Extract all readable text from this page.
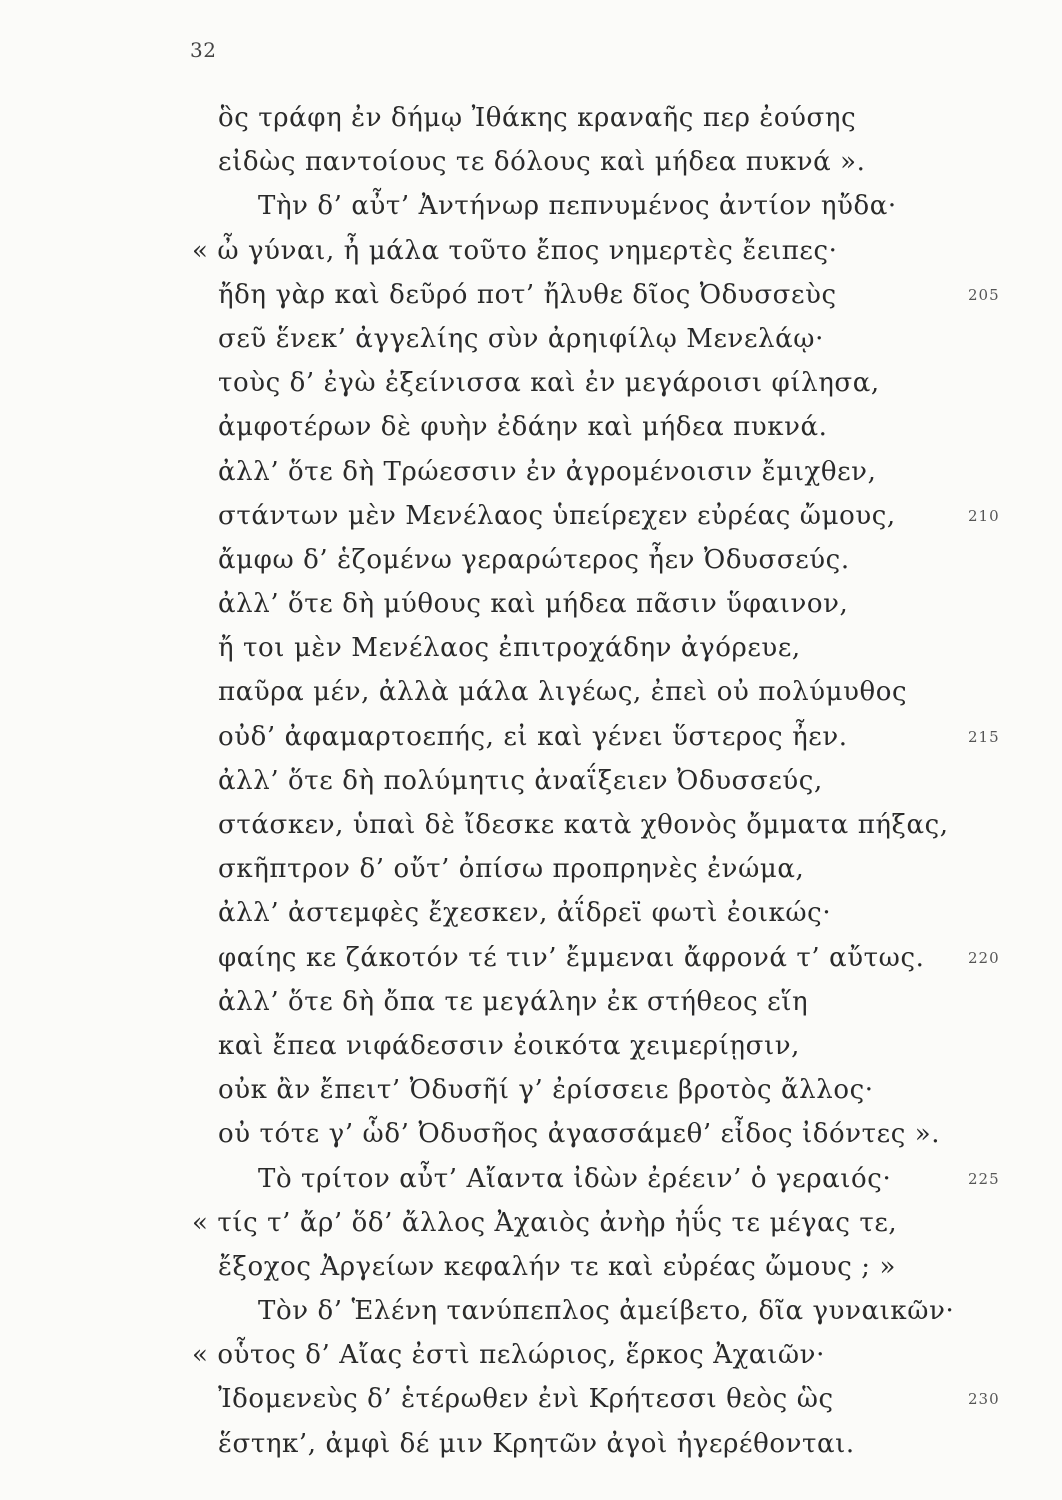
32
ὃς τράφη ἐν δήμῳ Ἰθάκης κραναῆς περ ἐούσης
εἰδὼς παντοίους τε δόλους καὶ μήδεα πυκνά ».
Τὴν δ’ αὖτ’ Ἀντήνωρ πεπνυμένος ἀντίον ηὔδα·
« ὦ γύναι, ἦ μάλα τοῦτο ἔπος νημερτὲς ἔειπες·
ἤδη γὰρ καὶ δεῦρό ποτ’ ἤλυθε δῖος Ὀδυσσεὺς	205
σεῦ ἕνεκ’ ἀγγελίης σὺν ἀρηιφίλῳ Μενελάῳ·
τοὺς δ’ ἐγὼ ἐξείνισσα καὶ ἐν μεγάροισι φίλησα,
ἀμφοτέρων δὲ φυὴν ἐδάην καὶ μήδεα πυκνά.
ἀλλ’ ὅτε δὴ Τρώεσσιν ἐν ἀγρομένοισιν ἔμιχθεν,
στάντων μὲν Μενέλαος ὑπείρεχεν εὐρέας ὤμους,	210
ἄμφω δ’ ἑζομένω γεραρώτερος ἦεν Ὀδυσσεύς.
ἀλλ’ ὅτε δὴ μύθους καὶ μήδεα πᾶσιν ὕφαινον,
ἤ τοι μὲν Μενέλαος ἐπιτροχάδην ἀγόρευε,
παῦρα μέν, ἀλλὰ μάλα λιγέως, ἐπεὶ οὐ πολύμυθος
οὐδ’ ἀφαμαρτοεπής, εἰ καὶ γένει ὕστερος ἦεν.	215
ἀλλ’ ὅτε δὴ πολύμητις ἀναΐξειεν Ὀδυσσεύς,
στάσκεν, ὑπαὶ δὲ ἴδεσκε κατὰ χθονὸς ὄμματα πήξας,
σκῆπτρον δ’ οὔτ’ ὀπίσω προπρηνὲς ἐνώμα,
ἀλλ’ ἀστεμφὲς ἔχεσκεν, ἀΐδρεϊ φωτὶ ἐοικώς·
φαίης κε ζάκοτόν τέ τιν’ ἔμμεναι ἄφρονά τ’ αὔτως.	220
ἀλλ’ ὅτε δὴ ὄπα τε μεγάλην ἐκ στήθεος εἵη
καὶ ἔπεα νιφάδεσσιν ἐοικότα χειμερίῃσιν,
οὐκ ἂν ἔπειτ’ Ὀδυσῆί γ’ ἐρίσσειε βροτὸς ἄλλος·
οὐ τότε γ’ ὧδ’ Ὀδυσῆος ἀγασσάμεθ’ εἶδος ἰδόντες ».
Τὸ τρίτον αὖτ’ Αἴαντα ἰδὼν ἐρέειν’ ὁ γεραιός·	225
« τίς τ’ ἄρ’ ὅδ’ ἄλλος Ἀχαιὸς ἀνὴρ ἠΰς τε μέγας τε,
ἔξοχος Ἀργείων κεφαλήν τε καὶ εὐρέας ὤμους ; »
Τὸν δ’ Ἑλένη τανύπεπλος ἀμείβετο, δῖα γυναικῶν·
« οὗτος δ’ Αἴας ἐστὶ πελώριος, ἕρκος Ἀχαιῶν·
Ἰδομενεὺς δ’ ἑτέρωθεν ἐνὶ Κρήτεσσι θεὸς ὣς	230
ἕστηκ’, ἀμφὶ δέ μιν Κρητῶν ἀγοὶ ἠγερέθονται.
